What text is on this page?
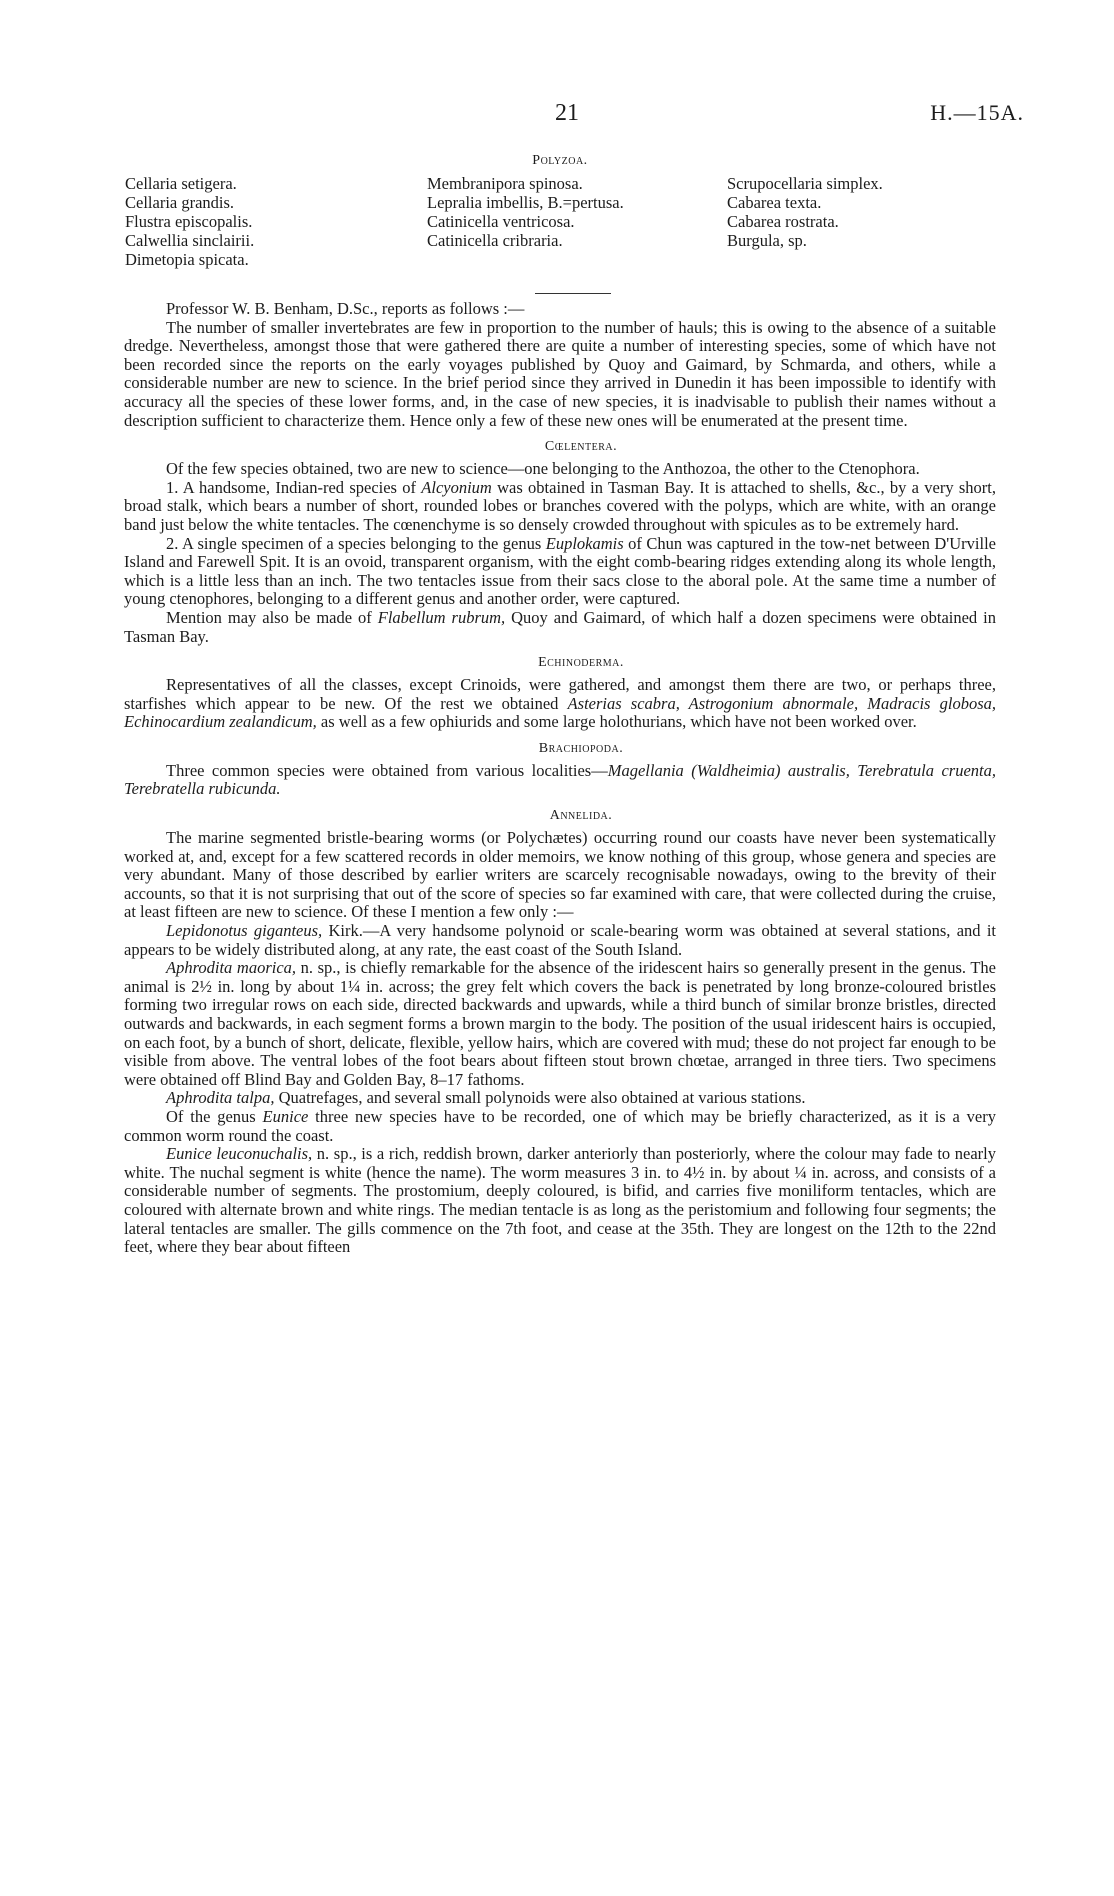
21	H.—15A.

Polyzoa.

Cellaria setigera.
Cellaria grandis.
Flustra episcopalis.
Calwellia sinclairii.
Dimetopia spicata.
Membranipora spinosa.
Lepralia imbellis, B.=pertusa.
Catinicella ventricosa.
Catinicella cribraria.
Scrupocellaria simplex.
Cabarea texta.
Cabarea rostrata.
Burgula, sp.

Professor W. B. Benham, D.Sc., reports as follows :—

The number of smaller invertebrates are few in proportion to the number of hauls; this is owing to the absence of a suitable dredge. Nevertheless, amongst those that were gathered there are quite a number of interesting species, some of which have not been recorded since the reports on the early voyages published by Quoy and Gaimard, by Schmarda, and others, while a considerable number are new to science. In the brief period since they arrived in Dunedin it has been impossible to identify with accuracy all the species of these lower forms, and, in the case of new species, it is inadvisable to publish their names without a description sufficient to characterize them. Hence only a few of these new ones will be enumerated at the present time.

Cœlentera.

Of the few species obtained, two are new to science—one belonging to the Anthozoa, the other to the Ctenophora.

1. A handsome, Indian-red species of Alcyonium was obtained in Tasman Bay. It is attached to shells, &c., by a very short, broad stalk, which bears a number of short, rounded lobes or branches covered with the polyps, which are white, with an orange band just below the white tentacles. The cœnenchyme is so densely crowded throughout with spicules as to be extremely hard.

2. A single specimen of a species belonging to the genus Euplokamis of Chun was captured in the tow-net between D'Urville Island and Farewell Spit. It is an ovoid, transparent organism, with the eight comb-bearing ridges extending along its whole length, which is a little less than an inch. The two tentacles issue from their sacs close to the aboral pole. At the same time a number of young ctenophores, belonging to a different genus and another order, were captured.

Mention may also be made of Flabellum rubrum, Quoy and Gaimard, of which half a dozen specimens were obtained in Tasman Bay.

Echinoderma.

Representatives of all the classes, except Crinoids, were gathered, and amongst them there are two, or perhaps three, starfishes which appear to be new. Of the rest we obtained Asterias scabra, Astrogonium abnormale, Madracis globosa, Echinocardium zealandicum, as well as a few ophiurids and some large holothurians, which have not been worked over.

Brachiopoda.

Three common species were obtained from various localities—Magellania (Waldheimia) australis, Terebratula cruenta, Terebratella rubicunda.

Annelida.

The marine segmented bristle-bearing worms (or Polychætes) occurring round our coasts have never been systematically worked at, and, except for a few scattered records in older memoirs, we know nothing of this group, whose genera and species are very abundant. Many of those described by earlier writers are scarcely recognisable nowadays, owing to the brevity of their accounts, so that it is not surprising that out of the score of species so far examined with care, that were collected during the cruise, at least fifteen are new to science. Of these I mention a few only :—

Lepidonotus giganteus, Kirk.—A very handsome polynoid or scale-bearing worm was obtained at several stations, and it appears to be widely distributed along, at any rate, the east coast of the South Island.

Aphrodita maorica, n. sp., is chiefly remarkable for the absence of the iridescent hairs so generally present in the genus. The animal is 2½ in. long by about 1¼ in. across; the grey felt which covers the back is penetrated by long bronze-coloured bristles forming two irregular rows on each side, directed backwards and upwards, while a third bunch of similar bronze bristles, directed outwards and backwards, in each segment forms a brown margin to the body. The position of the usual iridescent hairs is occupied, on each foot, by a bunch of short, delicate, flexible, yellow hairs, which are covered with mud; these do not project far enough to be visible from above. The ventral lobes of the foot bears about fifteen stout brown chœtae, arranged in three tiers. Two specimens were obtained off Blind Bay and Golden Bay, 8–17 fathoms.

Aphrodita talpa, Quatrefages, and several small polynoids were also obtained at various stations.

Of the genus Eunice three new species have to be recorded, one of which may be briefly characterized, as it is a very common worm round the coast.

Eunice leuconuchalis, n. sp., is a rich, reddish brown, darker anteriorly than posteriorly, where the colour may fade to nearly white. The nuchal segment is white (hence the name). The worm measures 3 in. to 4½ in. by about ¼ in. across, and consists of a considerable number of segments. The prostomium, deeply coloured, is bifid, and carries five moniliform tentacles, which are coloured with alternate brown and white rings. The median tentacle is as long as the peristomium and following four segments; the lateral tentacles are smaller. The gills commence on the 7th foot, and cease at the 35th. They are longest on the 12th to the 22nd feet, where they bear about fifteen
